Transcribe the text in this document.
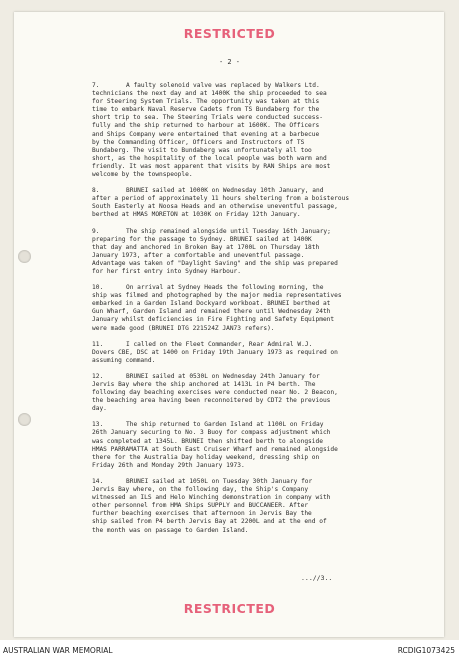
RESTRICTED
- 2 -
7.	A faulty solenoid valve was replaced by Walkers Ltd.
technicians the next day and at 1400K the ship proceeded to sea
for Steering System Trials. The opportunity was taken at this
time to embark Naval Reserve Cadets from TS Bundaberg for the
short trip to sea. The Steering Trials were conducted success-
fully and the ship returned to harbour at 1600K. The Officers
and Ships Company were entertained that evening at a barbecue
by the Commanding Officer, Officers and Instructors of TS
Bundaberg. The visit to Bundaberg was unfortunately all too
short, as the hospitality of the local people was both warm and
friendly. It was most apparent that visits by RAN Ships are most
welcome by the townspeople.
8.	BRUNEI sailed at 1000K on Wednesday 10th January, and
after a period of approximately 11 hours sheltering from a boisterous
South Easterly at Noosa Heads and an otherwise uneventful passage,
berthed at HMAS MORETON at 1030K on Friday 12th January.
9.	The ship remained alongside until Tuesday 16th January;
preparing for the passage to Sydney. BRUNEI sailed at 1400K
that day and anchored in Broken Bay at 1700L on Thursday 18th
January 1973, after a comfortable and uneventful passage.
Advantage was taken of "Daylight Saving" and the ship was prepared
for her first entry into Sydney Harbour.
10.	On arrival at Sydney Heads the following morning, the
ship was filmed and photographed by the major media representatives
embarked in a Garden Island Dockyard workboat. BRUNEI berthed at
Gun Wharf, Garden Island and remained there until Wednesday 24th
January whilst deficiencies in Fire Fighting and Safety Equipment
were made good (BRUNEI DTG 221524Z JAN73 refers).
11.	I called on the Fleet Commander, Rear Admiral W.J.
Dovers CBE, DSC at 1400 on Friday 19th January 1973 as required on
assuming command.
12.	BRUNEI sailed at 0530L on Wednesday 24th January for
Jervis Bay where the ship anchored at 1413L in P4 berth. The
following day beaching exercises were conducted near No. 2 Beacon,
the beaching area having been reconnoitered by CDT2 the previous
day.
13.	The ship returned to Garden Island at 1100L on Friday
26th January securing to No. 3 Buoy for compass adjustment which
was completed at 1345L. BRUNEI then shifted berth to alongside
HMAS PARRAMATTA at South East Cruiser Wharf and remained alongside
there for the Australia Day holiday weekend, dressing ship on
Friday 26th and Monday 29th January 1973.
14.	BRUNEI sailed at 1050L on Tuesday 30th January for
Jervis Bay where, on the following day, the Ship's Company
witnessed an ILS and Helo Winching demonstration in company with
other personnel from HMA Ships SUPPLY and BUCCANEER. After
further beaching exercises that afternoon in Jervis Bay the
ship sailed from P4 berth Jervis Bay at 2200L and at the end of
the month was on passage to Garden Island.
...//3..
RESTRICTED
AUSTRALIAN WAR MEMORIAL	RCDIG1073425
